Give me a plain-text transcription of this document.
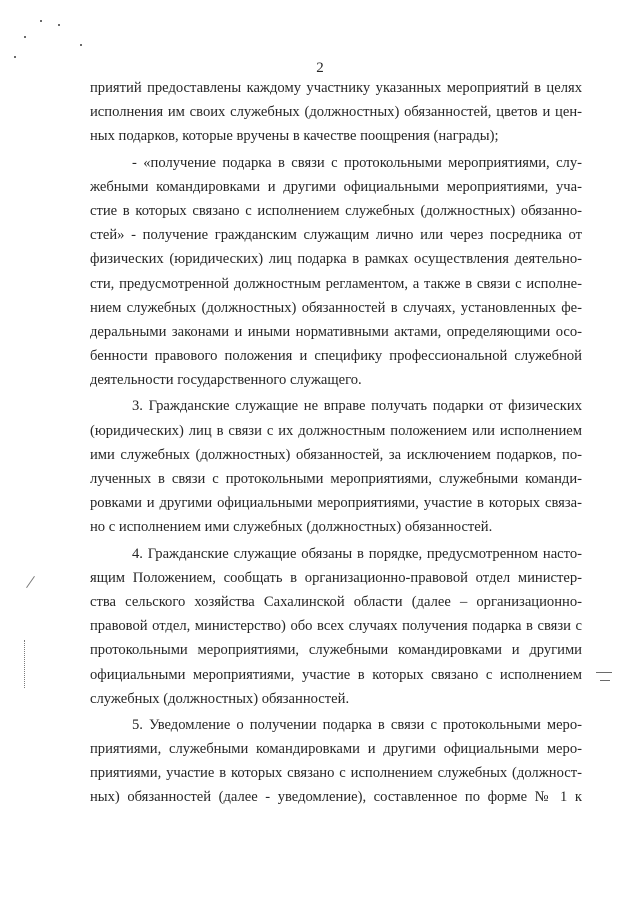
2
приятий предоставлены каждому участнику указанных мероприятий в целях
исполнения им своих служебных (должностных) обязанностей, цветов и цен-
ных подарков, которые вручены в качестве поощрения (награды);
- «получение подарка в связи с протокольными мероприятиями, слу-
жебными командировками и другими официальными мероприятиями, уча-
стие в которых связано с исполнением служебных (должностных) обязанно-
стей» - получение гражданским служащим лично или через посредника от
физических (юридических) лиц подарка в рамках осуществления деятельно-
сти, предусмотренной должностным регламентом, а также в связи с исполне-
нием служебных (должностных) обязанностей в случаях, установленных фе-
деральными законами и иными нормативными актами, определяющими осо-
бенности правового положения и специфику профессиональной служебной
деятельности государственного служащего.
3. Гражданские служащие не вправе получать подарки от физических
(юридических) лиц в связи с их должностным положением или исполнением
ими служебных (должностных) обязанностей, за исключением подарков, по-
лученных в связи с протокольными мероприятиями, служебными команди-
ровками и другими официальными мероприятиями, участие в которых связа-
но с исполнением ими служебных (должностных) обязанностей.
4. Гражданские служащие обязаны в порядке, предусмотренном насто-
ящим Положением, сообщать в организационно-правовой отдел министер-
ства сельского хозяйства Сахалинской области (далее – организационно-
правовой отдел, министерство) обо всех случаях получения подарка в связи с
протокольными мероприятиями, служебными командировками и другими
официальными мероприятиями, участие в которых связано с исполнением
служебных (должностных) обязанностей.
5. Уведомление о получении подарка в связи с протокольными меро-
приятиями, служебными командировками и другими официальными меро-
приятиями, участие в которых связано с исполнением служебных (должност-
ных) обязанностей (далее - уведомление), составленное по форме № 1 к
